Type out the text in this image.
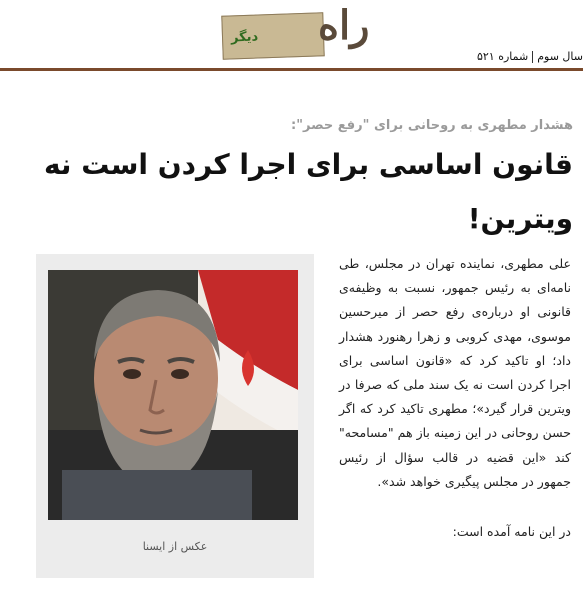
دیگر راه
سال سومشماره ۵۲۱
هشدار مطهری به روحانی برای "رفع حصر":
قانون اساسی برای اجرا کردن است نه ویترین!
عکس از ایسنا

علی مطهری، نماینده تهران در مجلس، طی نامه‌ای به رئیس جمهور، نسبت به وظیفه‌ی قانونی او درباره‌ی رفع حصر از میرحسین موسوی، مهدی کروبی و زهرا رهنورد هشدار داد؛ او تاکید کرد که «قانون اساسی برای اجرا کردن است نه یک سند ملی که صرفا در ویترین قرار گیرد»؛ مطهری تاکید کرد که اگر حسن روحانی در این زمینه باز هم "مسامحه" کند «این قضیه در قالب سؤال از رئیس جمهور در مجلس پیگیری خواهد شد».

در این نامه آمده است:
